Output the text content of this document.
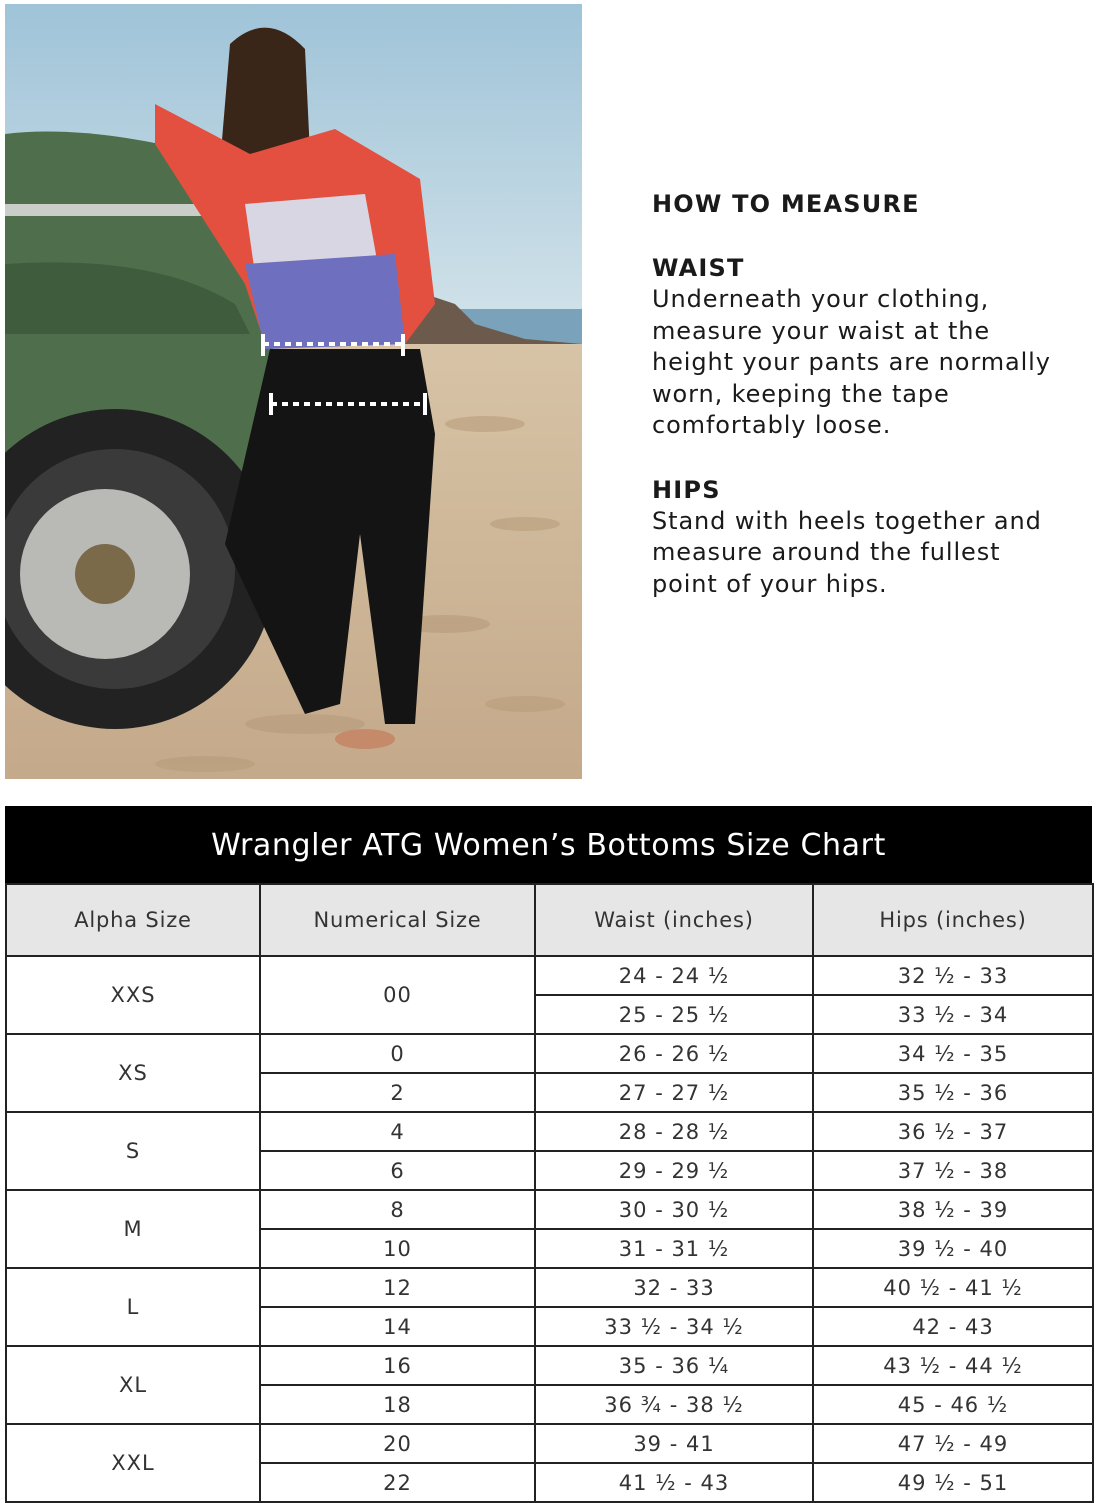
HOW TO MEASURE

WAIST

Underneath your clothing,

measure your waist at the

height your pants are normally

worn, keeping the tape

comfortably loose.

HIPS

Stand with heels together and

measure around the fullest

point of your hips.

Wrangler ATG Women’s Bottoms Size Chart
Alpha Size	Numerical Size	Waist (inches)	Hips (inches)
XXS	00	24 - 24 ½	32 ½ - 33
		25 - 25 ½	33 ½ - 34
XS	0	26 - 26 ½	34 ½ - 35
	2	27 - 27 ½	35 ½ - 36
S	4	28 - 28 ½	36 ½ - 37
	6	29 - 29 ½	37 ½ - 38
M	8	30 - 30 ½	38 ½ - 39
	10	31 - 31 ½	39 ½ - 40
L	12	32 - 33	40 ½ - 41 ½
	14	33 ½ - 34 ½	42 - 43
XL	16	35 - 36 ¼	43 ½ - 44 ½
	18	36 ¾ - 38 ½	45 - 46 ½
XXL	20	39 - 41	47 ½ - 49
	22	41 ½ - 43	49 ½ - 51
